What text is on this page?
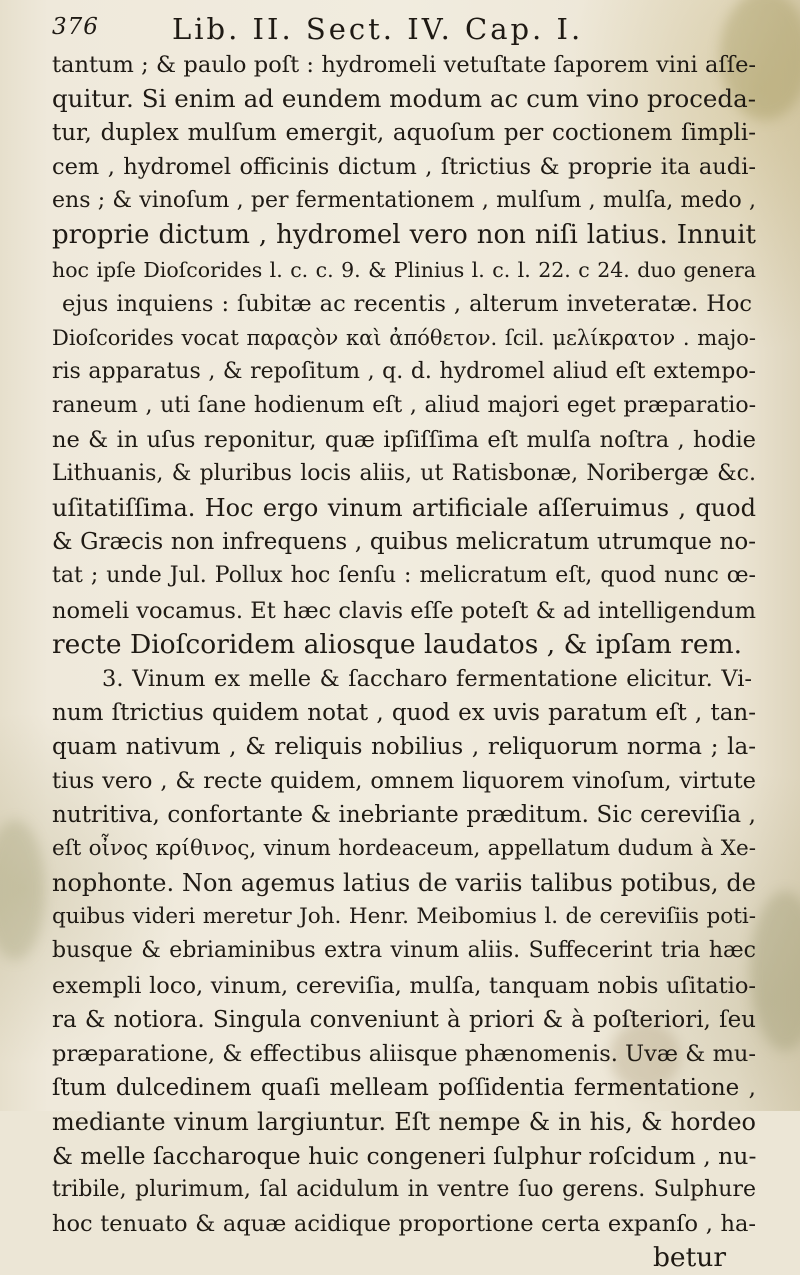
376	Lib. II. Sect. IV. Cap. I.
tantum ; & paulo poſt : hydromeli vetuſtate ſaporem vini aſſe-
quitur. Si enim ad eundem modum ac cum vino proceda-
tur, duplex mulſum emergit, aquoſum per coctionem ſimpli-
cem , hydromel officinis dictum , ſtrictius & proprie ita audi-
ens ; & vinoſum , per fermentationem , mulſum , mulſa, medo ,
proprie dictum , hydromel vero non niſi latius. Innuit
hoc ipſe Dioſcorides l. c. c. 9. & Plinius l. c. l. 22. c 24. duo genera
ejus inquiens : ſubitæ ac recentis , alterum inveteratæ. Hoc
Dioſcorides vocat παραςὸν καὶ ἀπόθετον. ſcil. μελίκρατον . majo-
ris apparatus , & repoſitum , q. d. hydromel aliud eſt extempo-
raneum , uti ſane hodienum eſt , aliud majori eget præparatio-
ne & in uſus reponitur, quæ ipſiſſima eſt mulſa noſtra , hodie
Lithuanis, & pluribus locis aliis, ut Ratisbonæ, Noribergæ &c.
uſitatiſſima. Hoc ergo vinum artificiale aſſeruimus , quod
& Græcis non infrequens , quibus melicratum utrumque no-
tat ; unde Jul. Pollux hoc ſenſu : melicratum eſt, quod nunc œ-
nomeli vocamus. Et hæc clavis eſſe poteſt & ad intelligendum
recte Dioſcoridem aliosque laudatos , & ipſam rem.
3. Vinum ex melle & ſaccharo fermentatione elicitur. Vi-
num ſtrictius quidem notat , quod ex uvis paratum eſt , tan-
quam nativum , & reliquis nobilius , reliquorum norma ; la-
tius vero , & recte quidem, omnem liquorem vinoſum, virtute
nutritiva, confortante & inebriante præditum. Sic cereviſia ,
eſt οἶνος κρίθινος, vinum hordeaceum, appellatum dudum à Xe-
nophonte. Non agemus latius de variis talibus potibus, de
quibus videri meretur Joh. Henr. Meibomius l. de cereviſiis poti-
busque & ebriaminibus extra vinum aliis. Suffecerint tria hæc
exempli loco, vinum, cereviſia, mulſa, tanquam nobis uſitatio-
ra & notiora. Singula conveniunt à priori & à poſteriori, ſeu
præparatione, & effectibus aliisque phænomenis. Uvæ & mu-
ſtum dulcedinem quaſi melleam poſſidentia fermentatione ,
mediante vinum largiuntur. Eſt nempe & in his, & hordeo
& melle ſaccharoque huic congeneri ſulphur roſcidum , nu-
tribile, plurimum, ſal acidulum in ventre ſuo gerens. Sulphure
hoc tenuato & aquæ acidique proportione certa expanſo , ha-
betur
